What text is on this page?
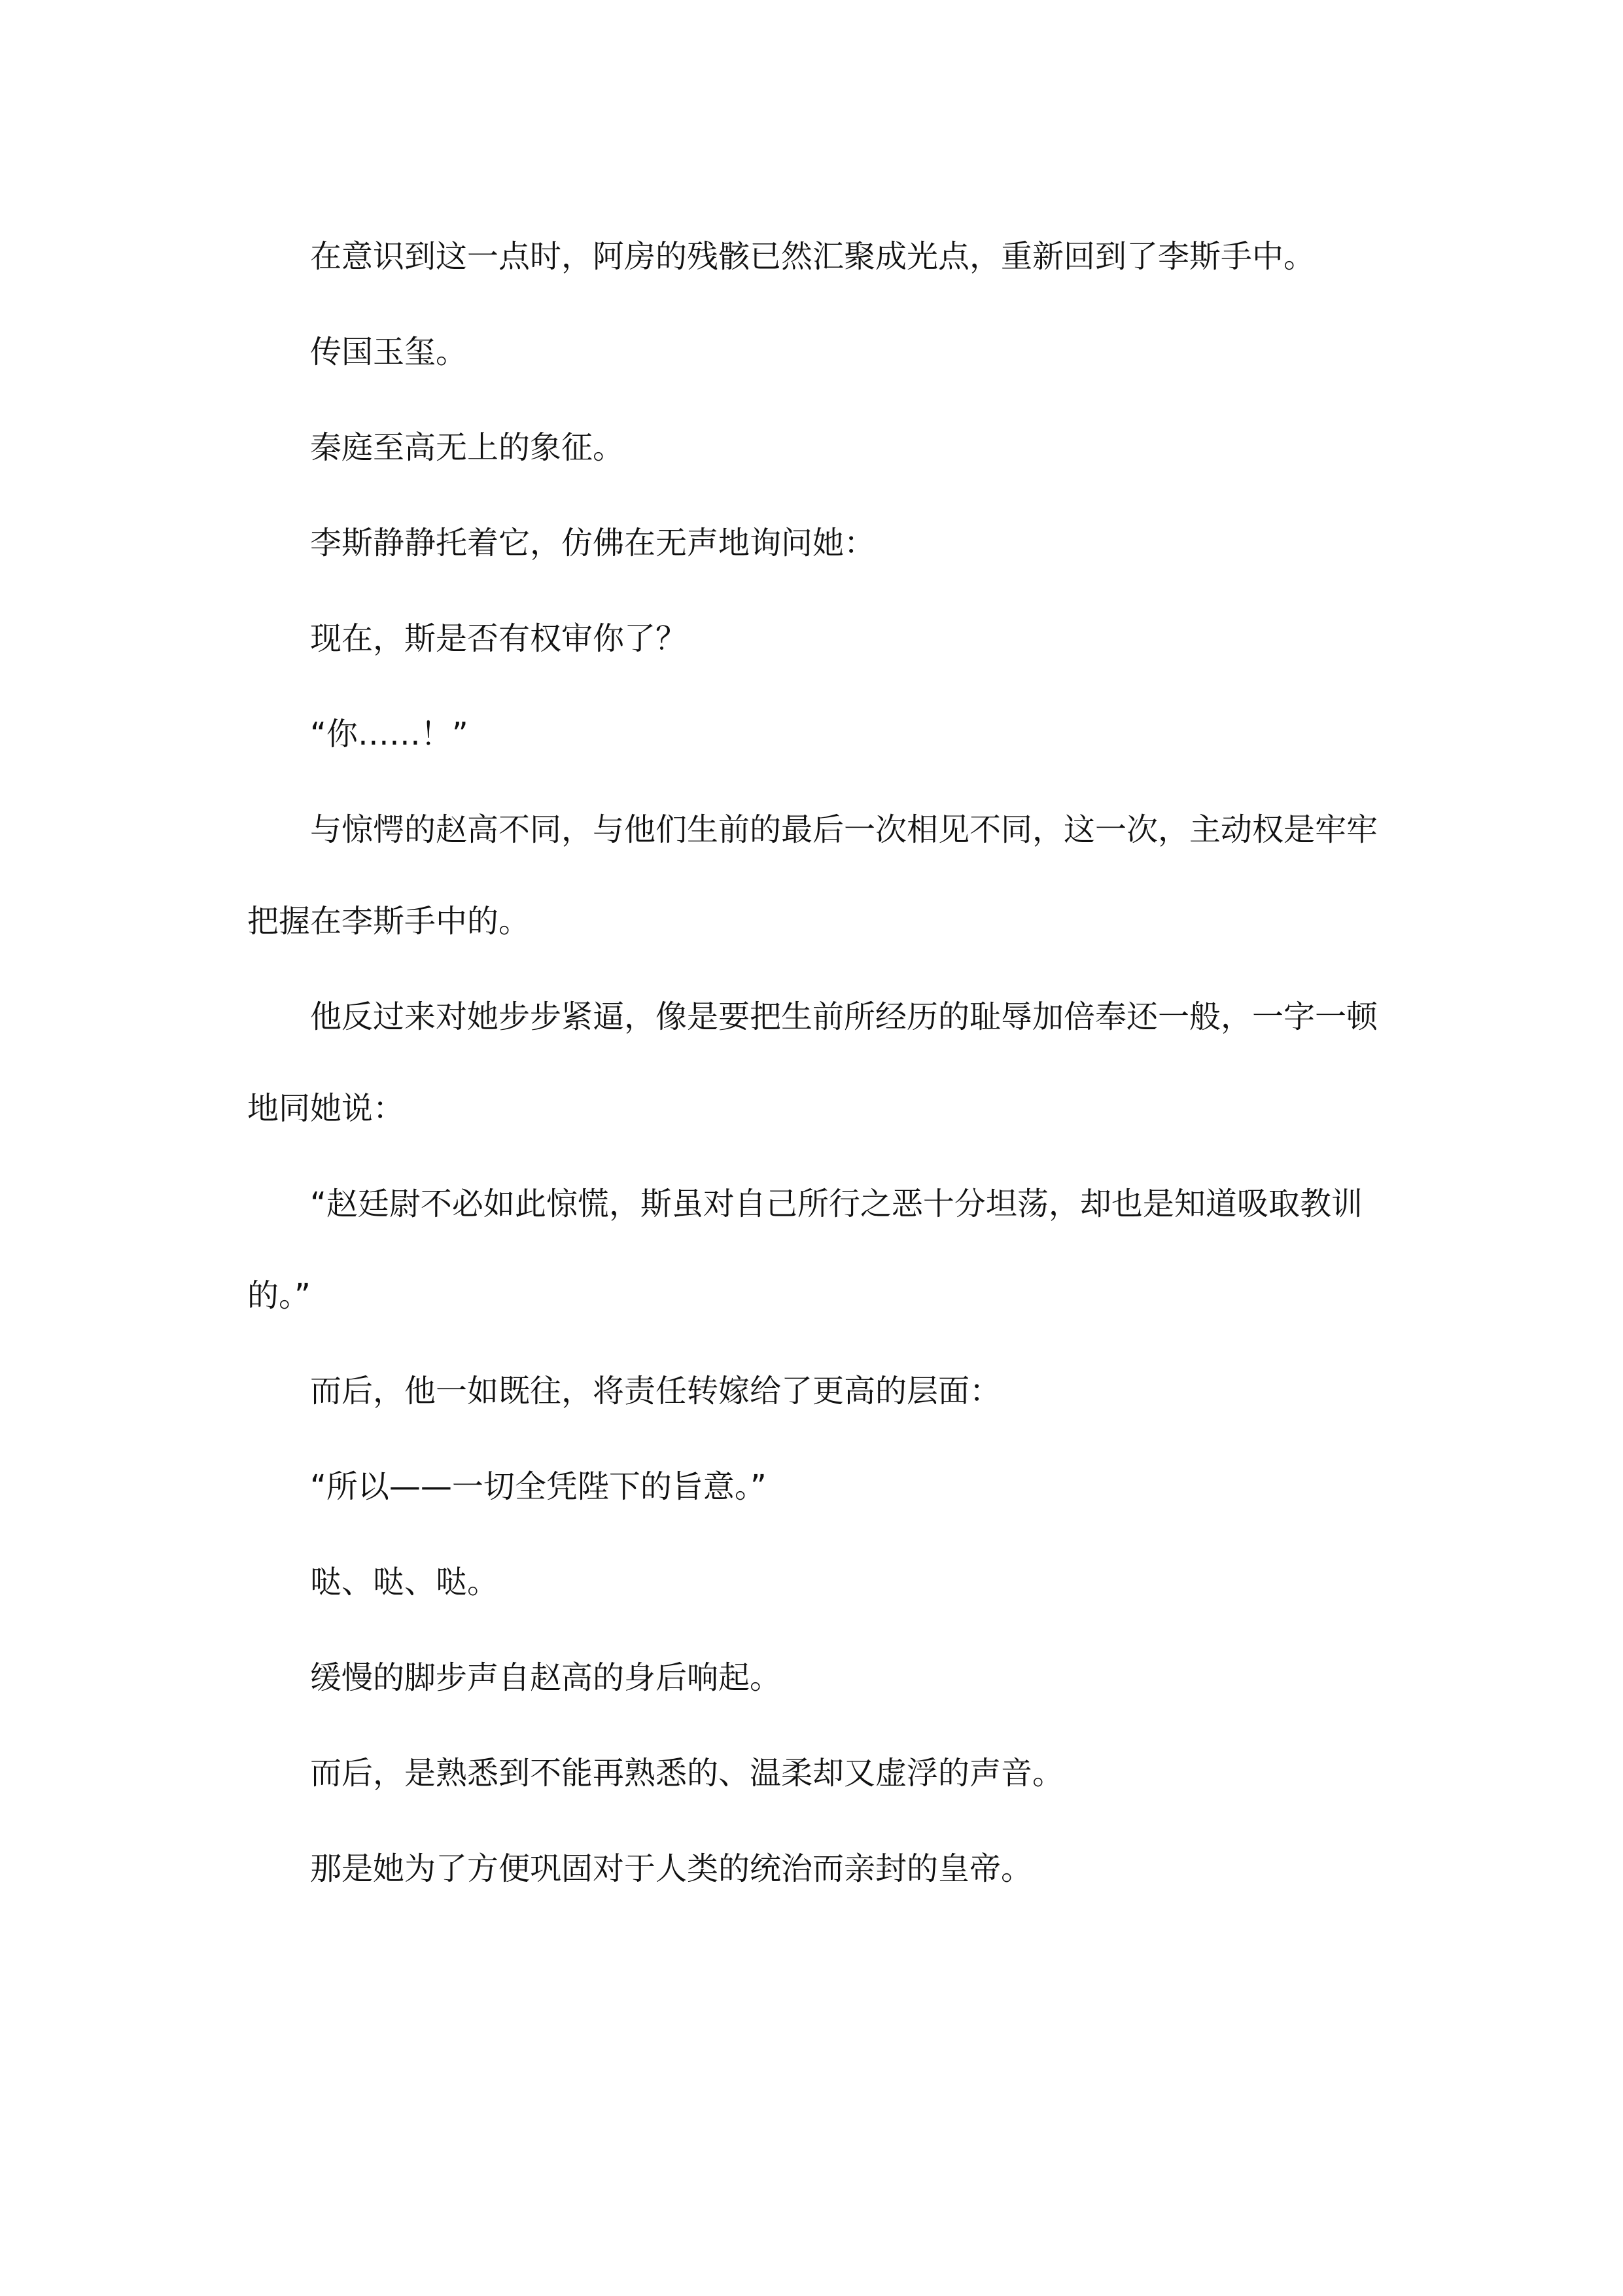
在意识到这一点时，阿房的残骸已然汇聚成光点，重新回到了李斯手中。

传国玉玺。

秦庭至高无上的象征。

李斯静静托着它，仿佛在无声地询问她：

现在，斯是否有权审你了？

“你……！”

与惊愕的赵高不同，与他们生前的最后一次相见不同，这一次，主动权是牢牢把握在李斯手中的。

他反过来对她步步紧逼，像是要把生前所经历的耻辱加倍奉还一般，一字一顿地同她说：

“赵廷尉不必如此惊慌，斯虽对自己所行之恶十分坦荡，却也是知道吸取教训的。”

而后，他一如既往，将责任转嫁给了更高的层面：

“所以——一切全凭陛下的旨意。”

哒、哒、哒。

缓慢的脚步声自赵高的身后响起。

而后，是熟悉到不能再熟悉的、温柔却又虚浮的声音。

那是她为了方便巩固对于人类的统治而亲封的皇帝。
